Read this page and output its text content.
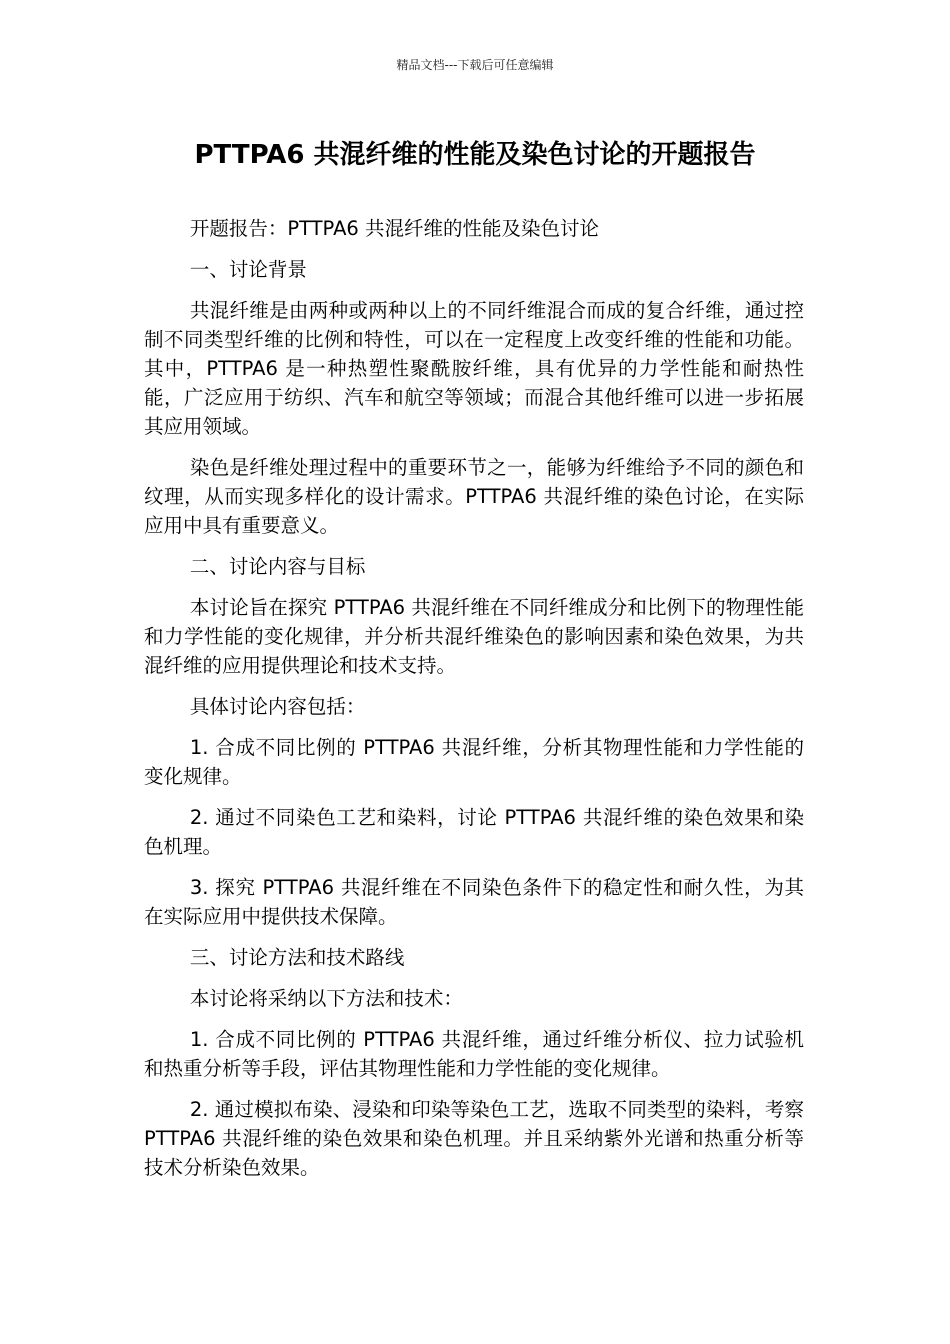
精品文档---下载后可任意编辑
PTTPA6 共混纤维的性能及染色讨论的开题报告

开题报告：PTTPA6 共混纤维的性能及染色讨论

一、讨论背景

共混纤维是由两种或两种以上的不同纤维混合而成的复合纤维，通过控制不同类型纤维的比例和特性，可以在一定程度上改变纤维的性能和功能。其中，PTTPA6 是一种热塑性聚酰胺纤维，具有优异的力学性能和耐热性能，广泛应用于纺织、汽车和航空等领域；而混合其他纤维可以进一步拓展其应用领域。

染色是纤维处理过程中的重要环节之一，能够为纤维给予不同的颜色和纹理，从而实现多样化的设计需求。PTTPA6 共混纤维的染色讨论，在实际应用中具有重要意义。

二、讨论内容与目标

本讨论旨在探究 PTTPA6 共混纤维在不同纤维成分和比例下的物理性能和力学性能的变化规律，并分析共混纤维染色的影响因素和染色效果，为共混纤维的应用提供理论和技术支持。

具体讨论内容包括：

1. 合成不同比例的 PTTPA6 共混纤维，分析其物理性能和力学性能的变化规律。

2. 通过不同染色工艺和染料，讨论 PTTPA6 共混纤维的染色效果和染色机理。

3. 探究 PTTPA6 共混纤维在不同染色条件下的稳定性和耐久性，为其在实际应用中提供技术保障。

三、讨论方法和技术路线

本讨论将采纳以下方法和技术：

1. 合成不同比例的 PTTPA6 共混纤维，通过纤维分析仪、拉力试验机和热重分析等手段，评估其物理性能和力学性能的变化规律。

2. 通过模拟布染、浸染和印染等染色工艺，选取不同类型的染料，考察 PTTPA6 共混纤维的染色效果和染色机理。并且采纳紫外光谱和热重分析等技术分析染色效果。
